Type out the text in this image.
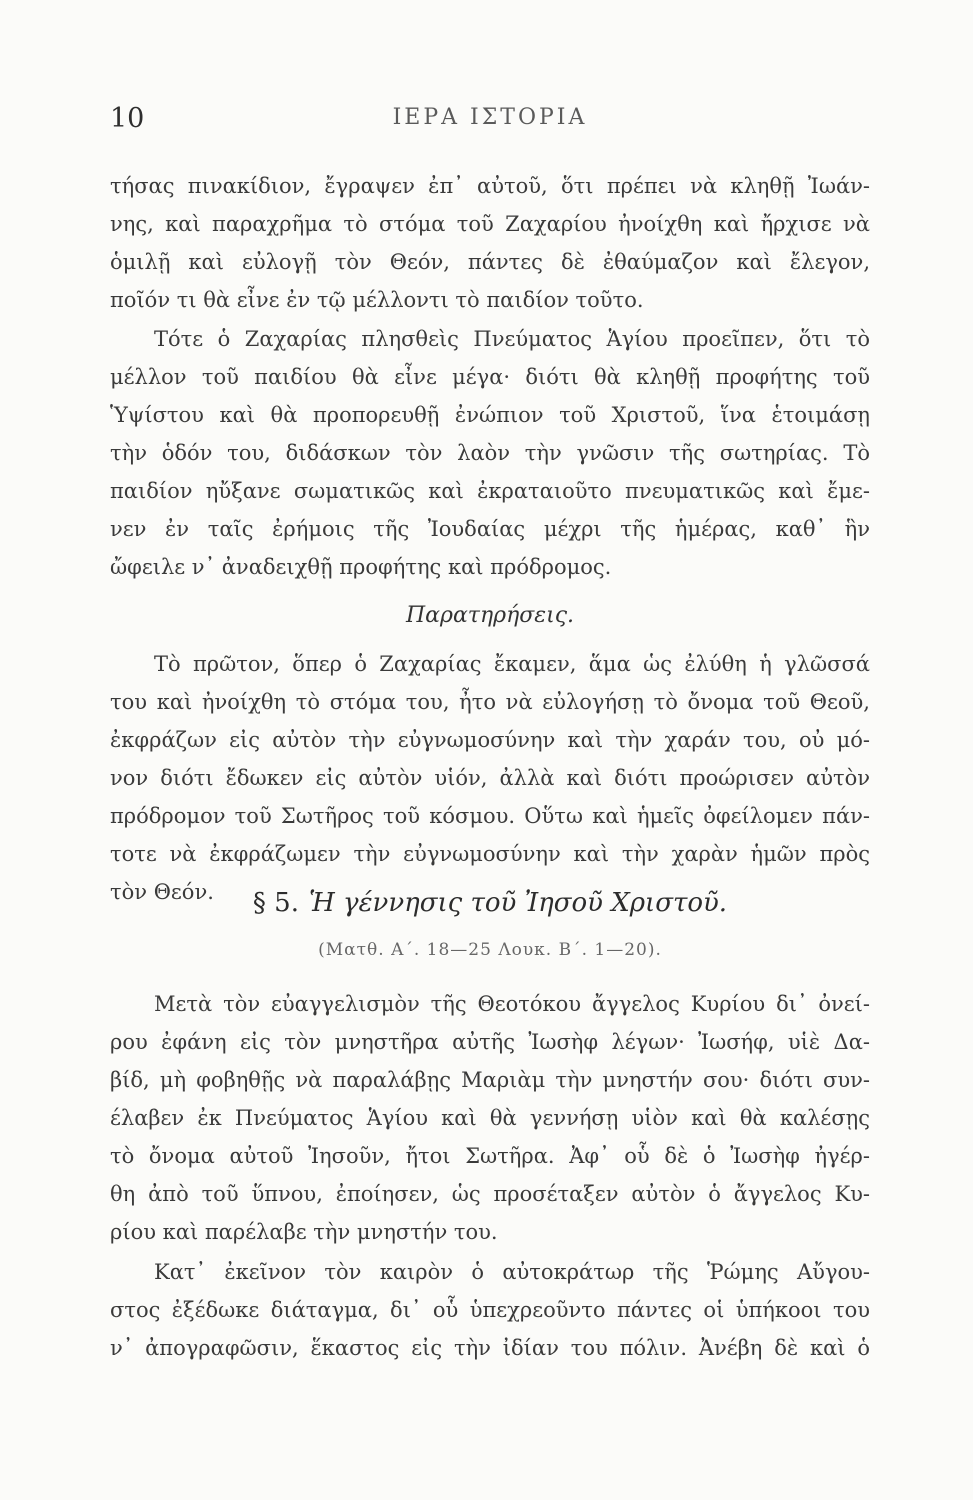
10	ΙΕΡΑ ΙΣΤΟΡΙΑ
τήσας πινακίδιον, ἔγραψεν ἐπ᾽ αὐτοῦ, ὅτι πρέπει νὰ κληθῇ Ἰωάν-
νης, καὶ παραχρῆμα τὸ στόμα τοῦ Ζαχαρίου ἠνοίχθη καὶ ἤρχισε νὰ
ὁμιλῇ καὶ εὐλογῇ τὸν Θεόν, πάντες δὲ ἐθαύμαζον καὶ ἔλεγον,
ποῖόν τι θὰ εἶνε ἐν τῷ μέλλοντι τὸ παιδίον τοῦτο.
Τότε ὁ Ζαχαρίας πλησθεὶς Πνεύματος Ἁγίου προεῖπεν, ὅτι τὸ
μέλλον τοῦ παιδίου θὰ εἶνε μέγα· διότι θὰ κληθῇ προφήτης τοῦ
Ὑψίστου καὶ θὰ προπορευθῇ ἐνώπιον τοῦ Χριστοῦ, ἵνα ἑτοιμάσῃ
τὴν ὁδόν του, διδάσκων τὸν λαὸν τὴν γνῶσιν τῆς σωτηρίας. Τὸ
παιδίον ηὔξανε σωματικῶς καὶ ἐκραταιοῦτο πνευματικῶς καὶ ἔμε-
νεν ἐν ταῖς ἐρήμοις τῆς Ἰουδαίας μέχρι τῆς ἡμέρας, καθ᾽ ἣν
ὤφειλε ν᾽ ἀναδειχθῇ προφήτης καὶ πρόδρομος.
Παρατηρήσεις.
Τὸ πρῶτον, ὅπερ ὁ Ζαχαρίας ἔκαμεν, ἅμα ὡς ἐλύθη ἡ γλῶσσά
του καὶ ἠνοίχθη τὸ στόμα του, ἦτο νὰ εὐλογήσῃ τὸ ὄνομα τοῦ Θεοῦ,
ἐκφράζων εἰς αὐτὸν τὴν εὐγνωμοσύνην καὶ τὴν χαράν του, οὐ μό-
νον διότι ἔδωκεν εἰς αὐτὸν υἱόν, ἀλλὰ καὶ διότι προώρισεν αὐτὸν
πρόδρομον τοῦ Σωτῆρος τοῦ κόσμου. Οὕτω καὶ ἡμεῖς ὀφείλομεν πάν-
τοτε νὰ ἐκφράζωμεν τὴν εὐγνωμοσύνην καὶ τὴν χαρὰν ἡμῶν πρὸς
τὸν Θεόν.	§ 5. Ἡ γέννησις τοῦ Ἰησοῦ Χριστοῦ.
(Ματθ. Α΄. 18—25 Λουκ. Β΄. 1—20).
Μετὰ τὸν εὐαγγελισμὸν τῆς Θεοτόκου ἄγγελος Κυρίου δι᾽ ὀνεί-
ρου ἐφάνη εἰς τὸν μνηστῆρα αὐτῆς Ἰωσὴφ λέγων· Ἰωσήφ, υἱὲ Δα-
βίδ, μὴ φοβηθῇς νὰ παραλάβῃς Μαριὰμ τὴν μνηστήν σου· διότι συν-
έλαβεν ἐκ Πνεύματος Ἁγίου καὶ θὰ γεννήσῃ υἱὸν καὶ θὰ καλέσῃς
τὸ ὄνομα αὐτοῦ Ἰησοῦν, ἤτοι Σωτῆρα. Ἀφ᾽ οὗ δὲ ὁ Ἰωσὴφ ἠγέρ-
θη ἀπὸ τοῦ ὕπνου, ἐποίησεν, ὡς προσέταξεν αὐτὸν ὁ ἄγγελος Κυ-
ρίου καὶ παρέλαβε τὴν μνηστήν του.
Κατ᾽ ἐκεῖνον τὸν καιρὸν ὁ αὐτοκράτωρ τῆς Ῥώμης Αὔγου-
στος ἐξέδωκε διάταγμα, δι᾽ οὗ ὑπεχρεοῦντο πάντες οἱ ὑπήκοοι του
ν᾽ ἀπογραφῶσιν, ἕκαστος εἰς τὴν ἰδίαν του πόλιν. Ἀνέβη δὲ καὶ ὁ
